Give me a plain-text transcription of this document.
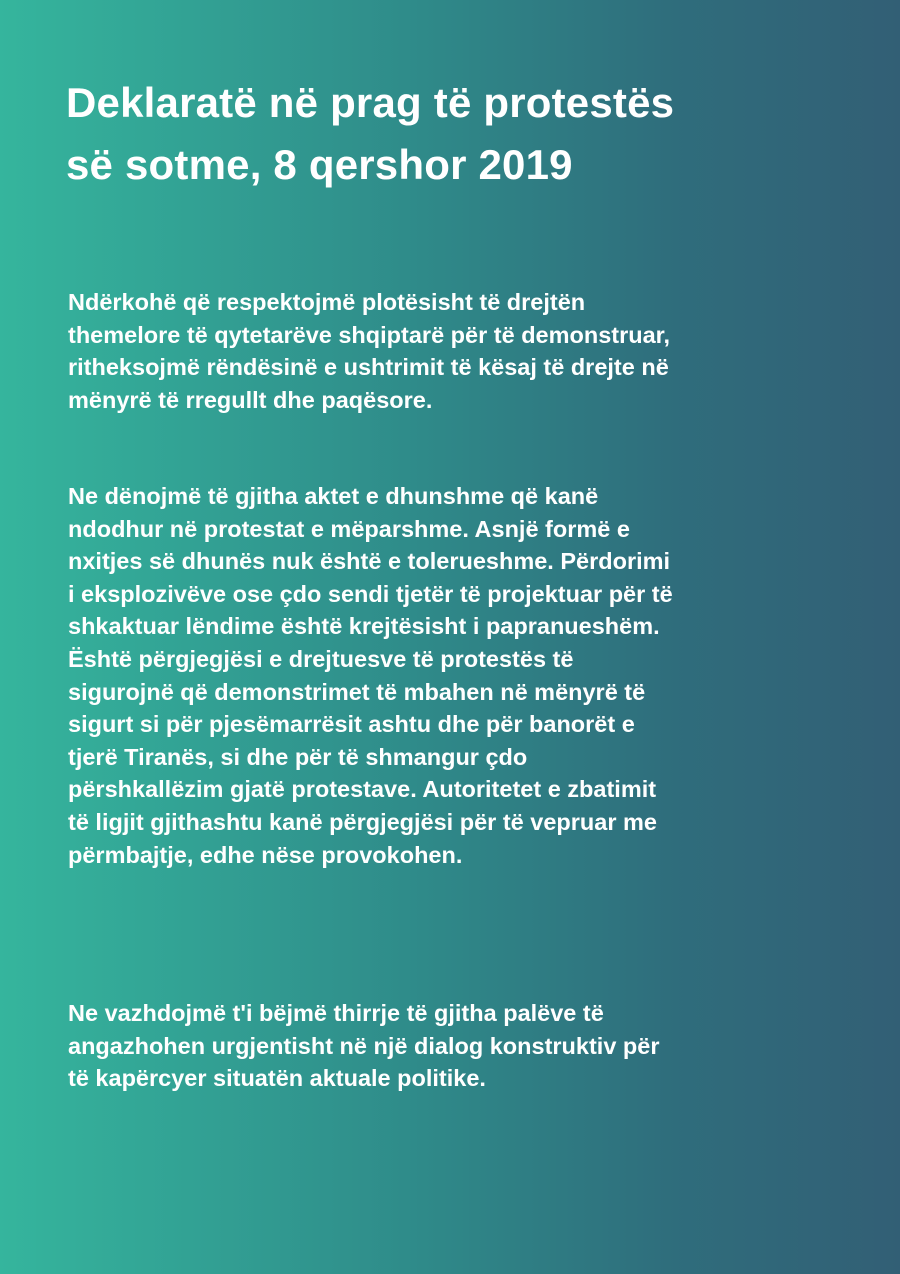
Deklaratë në prag të protestës
së sotme, 8 qershor 2019
Ndërkohë që respektojmë plotësisht të drejtën
themelore të qytetarëve shqiptarë për të demonstruar,
ritheksojmë rëndësinë e ushtrimit të kësaj të drejte në
mënyrë të rregullt dhe paqësore.
Ne dënojmë të gjitha aktet e dhunshme që kanë
ndodhur në protestat e mëparshme. Asnjë formë e
nxitjes së dhunës nuk është e tolerueshme. Përdorimi
i eksplozivëve ose çdo sendi tjetër të projektuar për të
shkaktuar lëndime është krejtësisht i papranueshëm.
Është përgjegjësi e drejtuesve të protestës të
sigurojnë që demonstrimet të mbahen në mënyrë të
sigurt si për pjesëmarrësit ashtu dhe për banorët e
tjerë Tiranës, si dhe për të shmangur çdo
përshkallëzim gjatë protestave. Autoritetet e zbatimit
të ligjit gjithashtu kanë përgjegjësi për të vepruar me
përmbajtje, edhe nëse provokohen.
Ne vazhdojmë t'i bëjmë thirrje të gjitha palëve të
angazhohen urgjentisht në një dialog konstruktiv për
të kapërcyer situatën aktuale politike.
